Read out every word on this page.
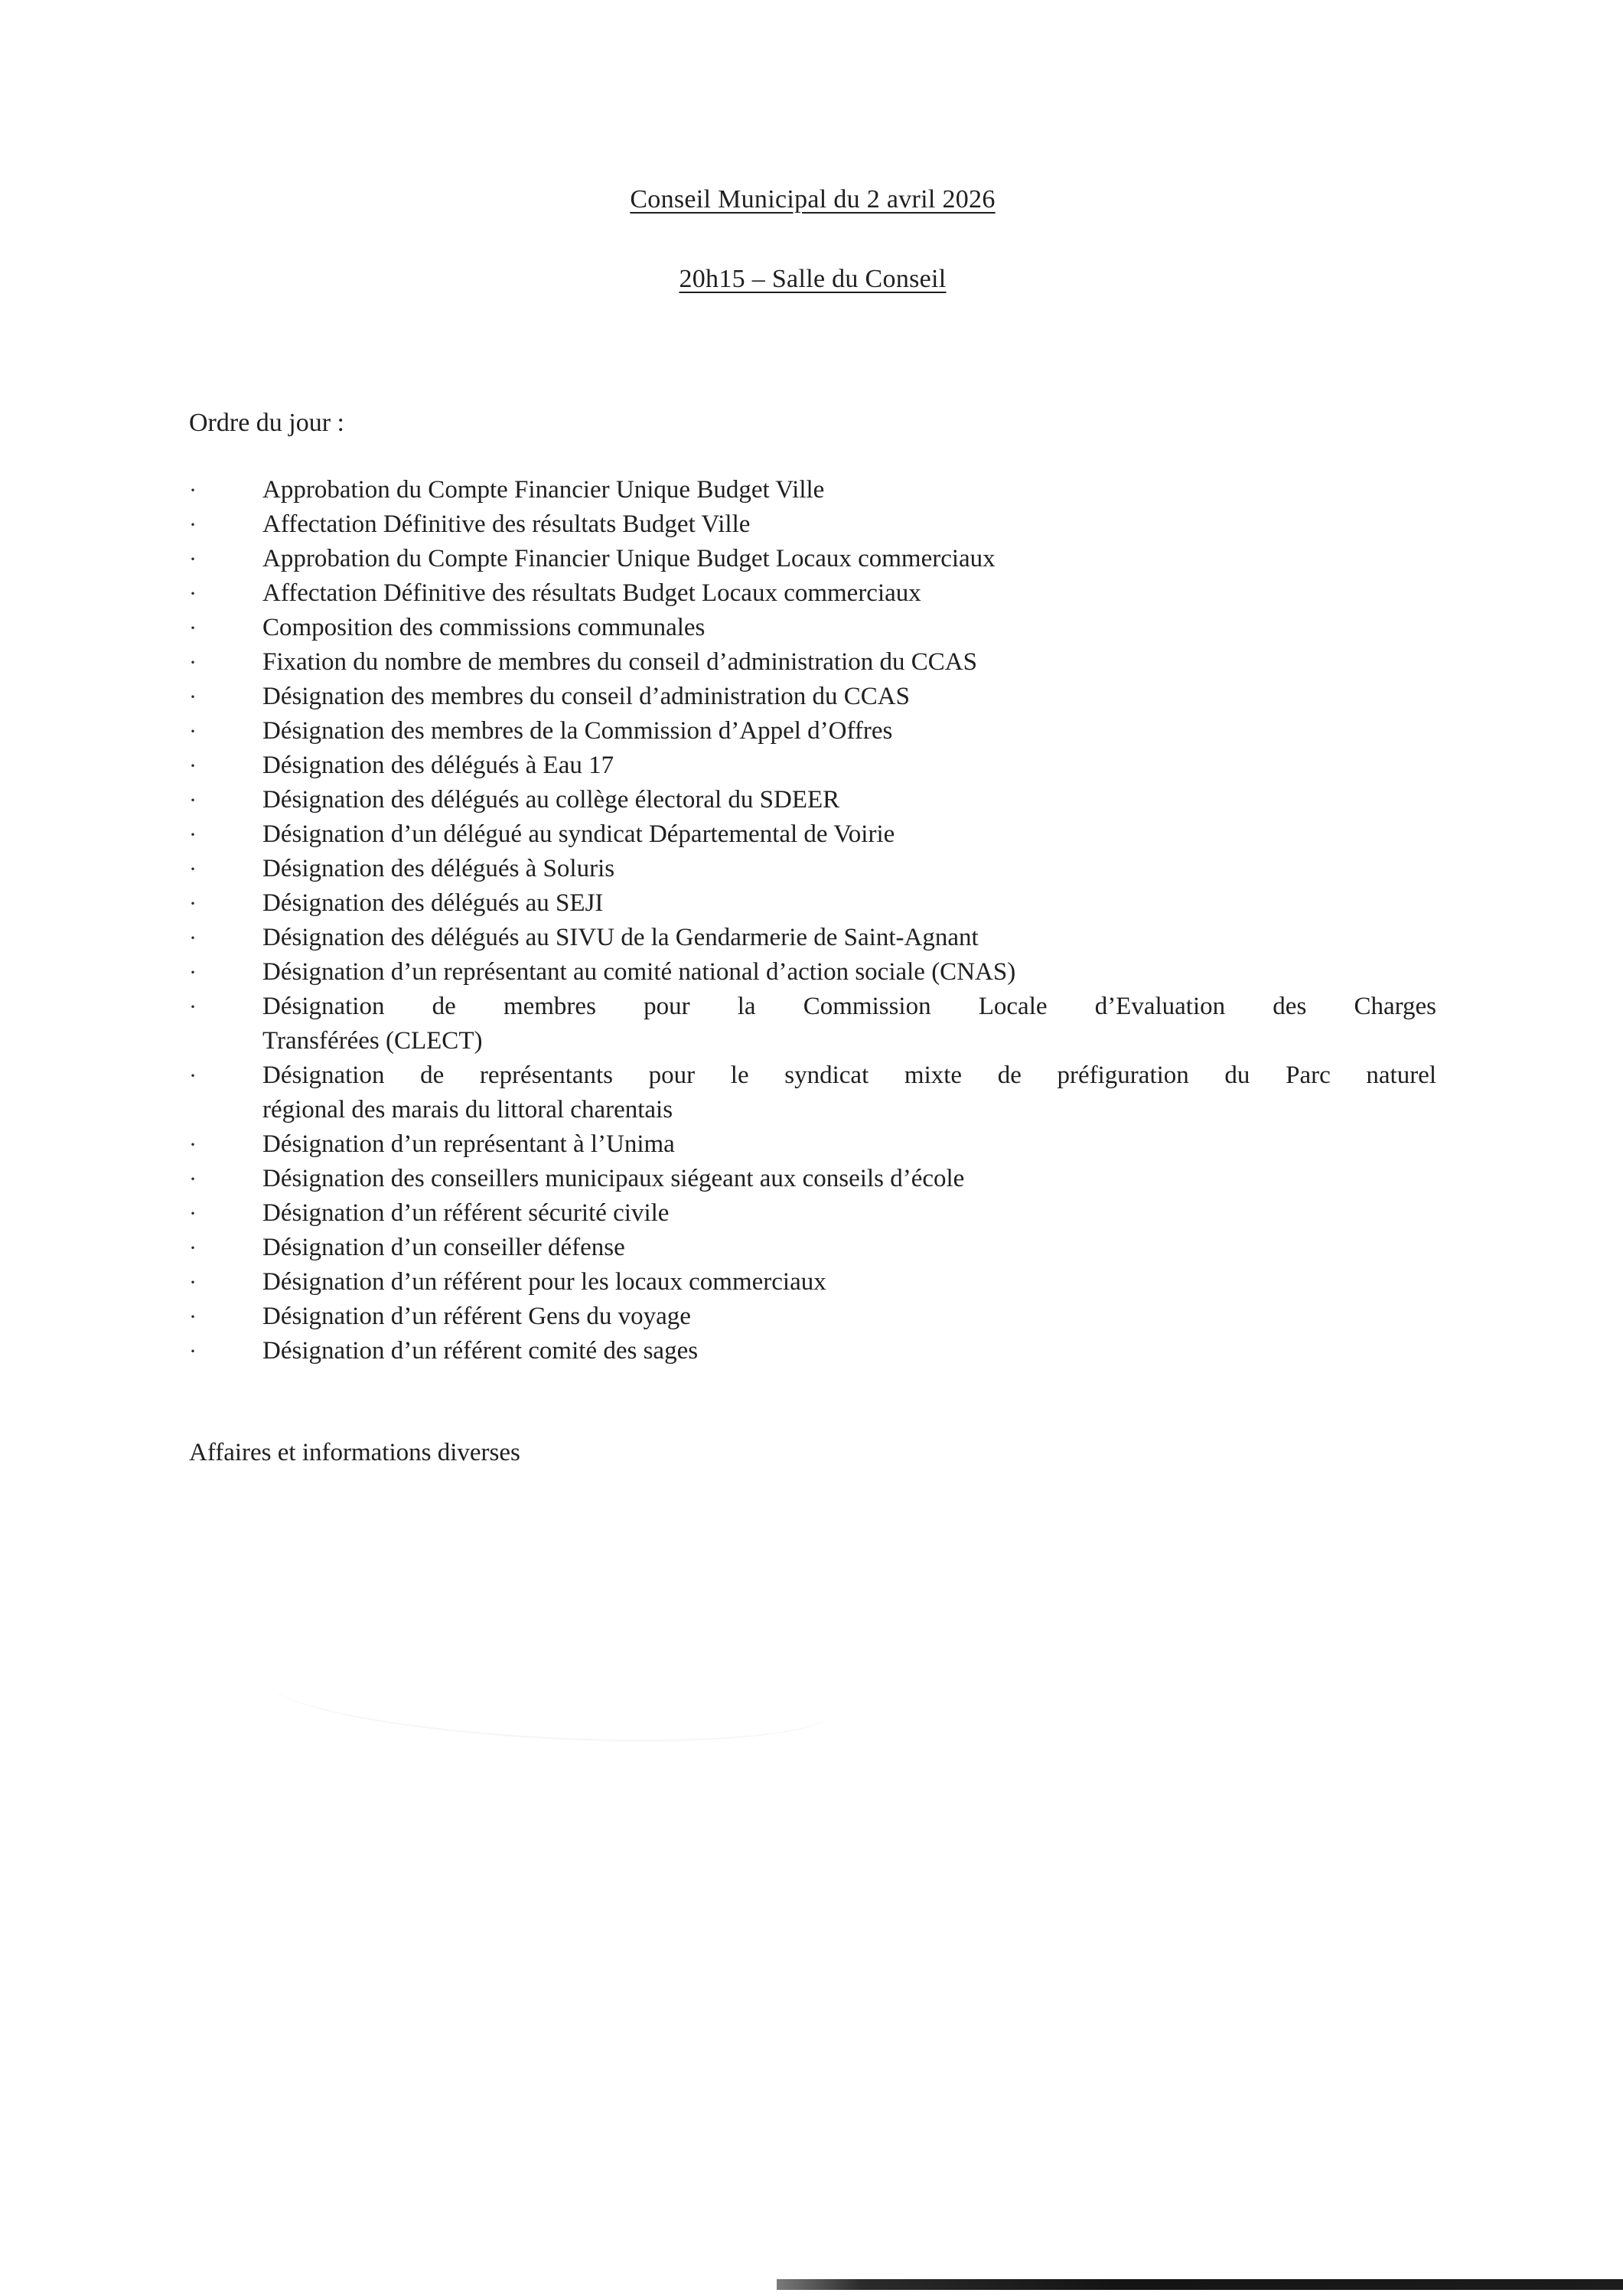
Conseil Municipal du 2 avril 2026
20h15 – Salle du Conseil
Ordre du jour :
·	Approbation du Compte Financier Unique Budget Ville
·	Affectation Définitive des résultats Budget Ville
·	Approbation du Compte Financier Unique Budget Locaux commerciaux
·	Affectation Définitive des résultats Budget Locaux commerciaux
·	Composition des commissions communales
·	Fixation du nombre de membres du conseil d’administration du CCAS
·	Désignation des membres du conseil d’administration du CCAS
·	Désignation des membres de la Commission d’Appel d’Offres
·	Désignation des délégués à Eau 17
·	Désignation des délégués au collège électoral du SDEER
·	Désignation d’un délégué au syndicat Départemental de Voirie
·	Désignation des délégués à Soluris
·	Désignation des délégués au SEJI
·	Désignation des délégués au SIVU de la Gendarmerie de Saint-Agnant
·	Désignation d’un représentant au comité national d’action sociale (CNAS)
·	Désignation de membres pour la Commission Locale d’Evaluation des Charges
Transférées (CLECT)
·	Désignation de représentants pour le syndicat mixte de préfiguration du Parc naturel
régional des marais du littoral charentais
·	Désignation d’un représentant à l’Unima
·	Désignation des conseillers municipaux siégeant aux conseils d’école
·	Désignation d’un référent sécurité civile
·	Désignation d’un conseiller défense
·	Désignation d’un référent pour les locaux commerciaux
·	Désignation d’un référent Gens du voyage
·	Désignation d’un référent comité des sages
Affaires et informations diverses
